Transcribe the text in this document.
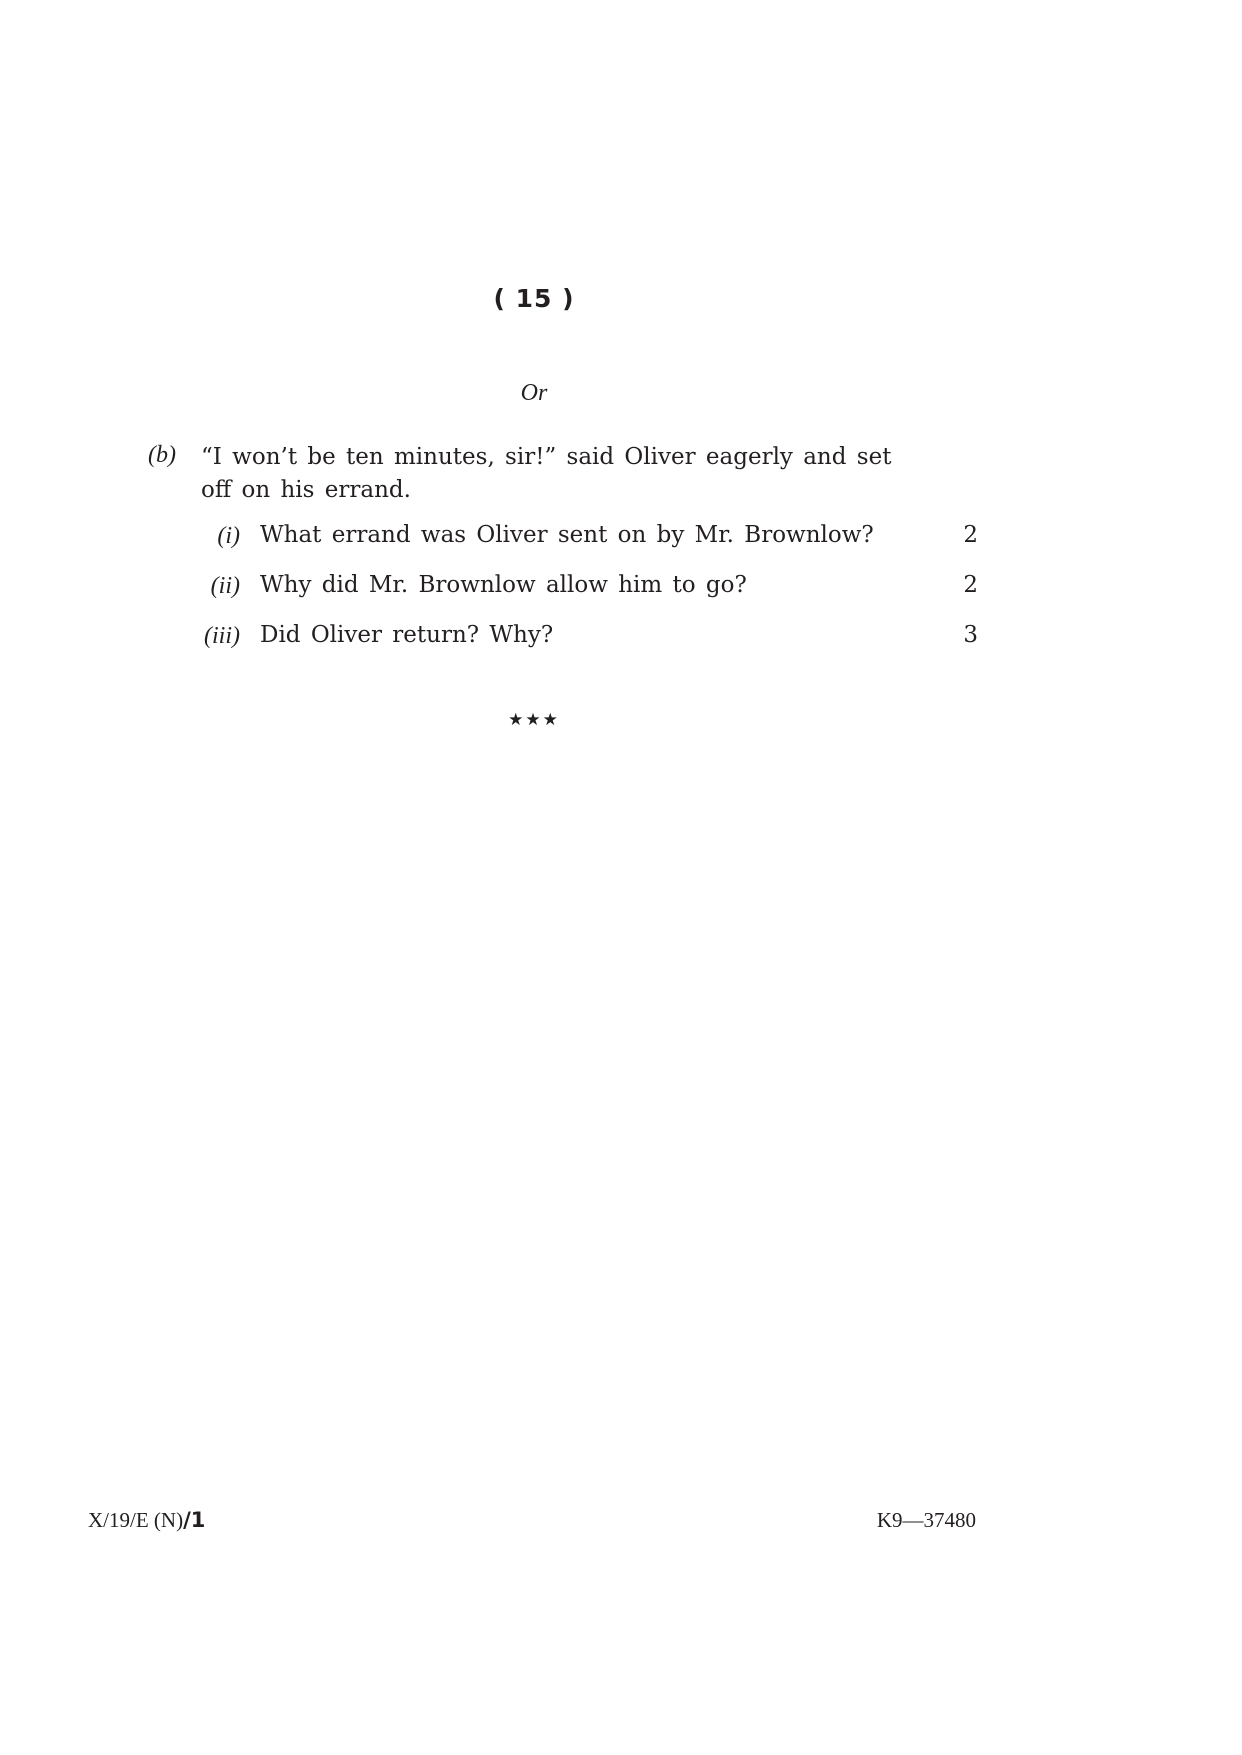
( 15 )
Or
(b) “I won’t be ten minutes, sir!” said Oliver eagerly and set off on his errand.
(i) What errand was Oliver sent on by Mr. Brownlow?	2
(ii) Why did Mr. Brownlow allow him to go?	2
(iii) Did Oliver return? Why?	3
★★★
X/19/E (N)/1	K9—37480
